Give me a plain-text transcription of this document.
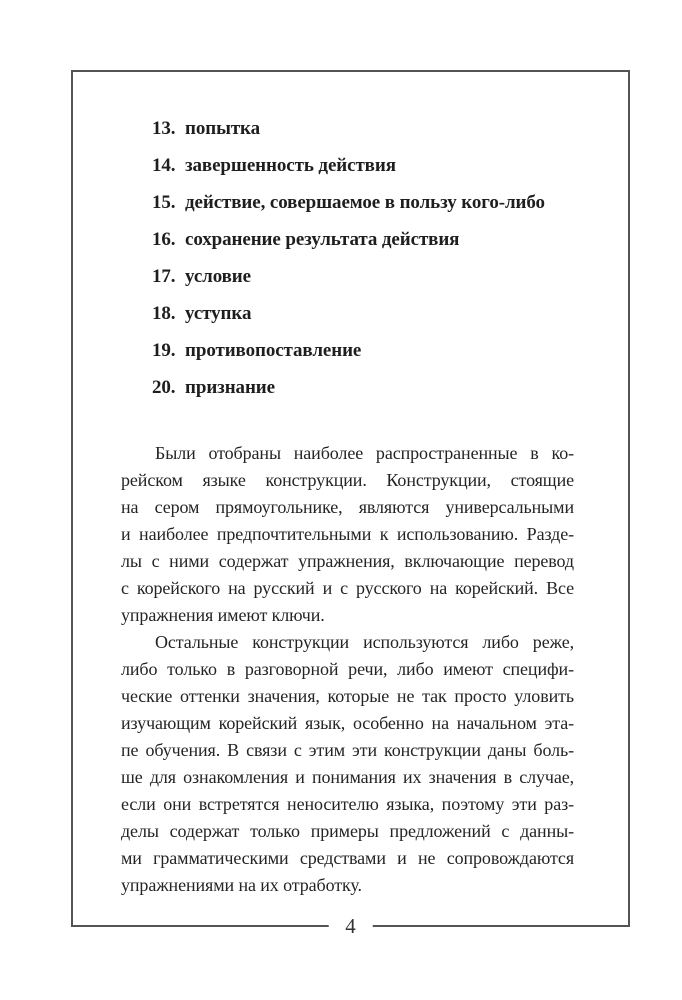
13. попытка
14. завершенность действия
15. действие, совершаемое в пользу кого-либо
16. сохранение результата действия
17. условие
18. уступка
19. противопоставление
20. признание
Были отобраны наиболее распространенные в ко-
рейском языке конструкции. Конструкции, стоящие
на сером прямоугольнике, являются универсальными
и наиболее предпочтительными к использованию. Разде-
лы с ними содержат упражнения, включающие перевод
с корейского на русский и с русского на корейский. Все
упражнения имеют ключи.
Остальные конструкции используются либо реже,
либо только в разговорной речи, либо имеют специфи-
ческие оттенки значения, которые не так просто уловить
изучающим корейский язык, особенно на начальном эта-
пе обучения. В связи с этим эти конструкции даны боль-
ше для ознакомления и понимания их значения в случае,
если они встретятся неносителю языка, поэтому эти раз-
делы содержат только примеры предложений с данны-
ми грамматическими средствами и не сопровождаются
упражнениями на их отработку.
4
